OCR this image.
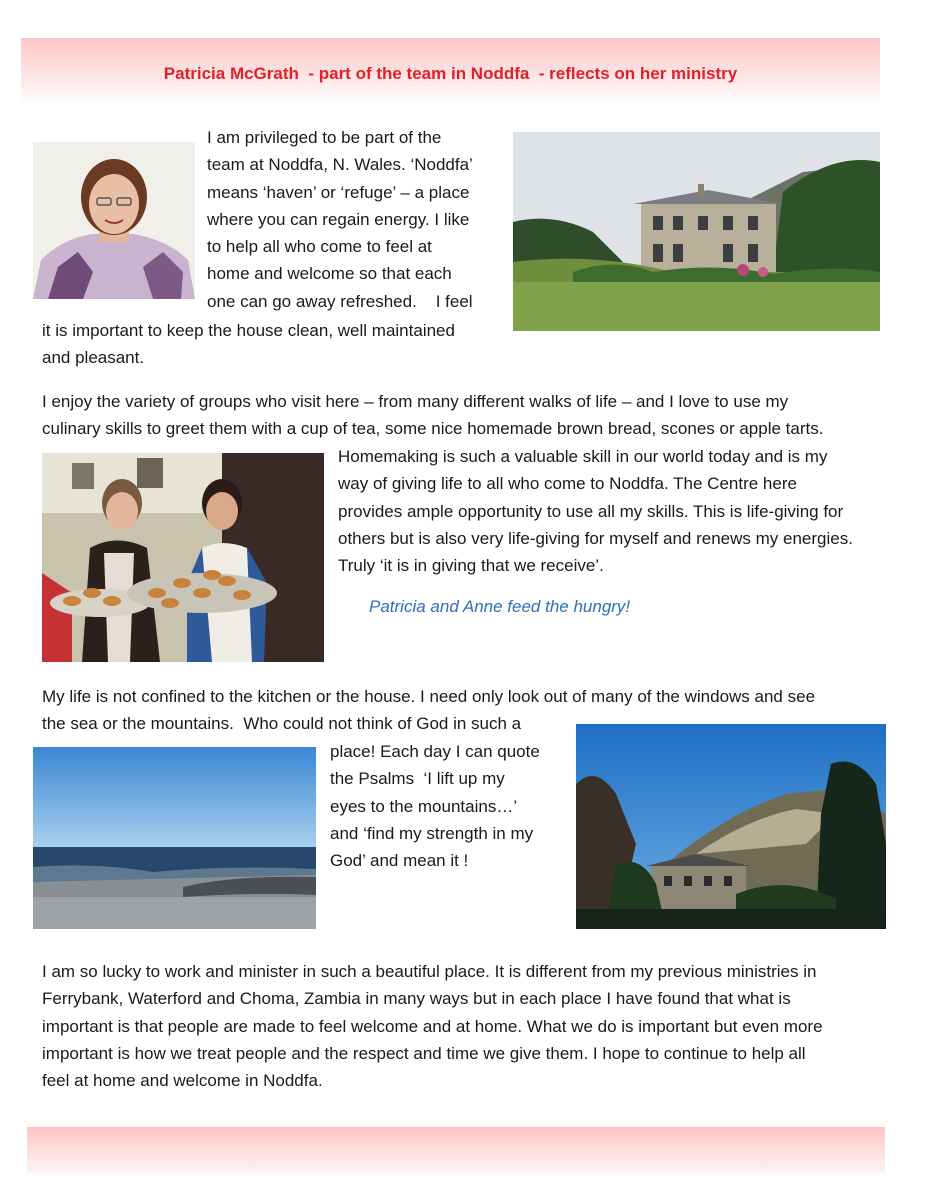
Patricia McGrath  - part of the team in Noddfa  - reflects on her ministry
I am privileged to be part of the
team at Noddfa, N. Wales. ‘Noddfa’
means ‘haven’ or ‘refuge’ – a place
where you can regain energy. I like
to help all who come to feel at
home and welcome so that each
one can go away refreshed.    I feel
it is important to keep the house clean, well maintained
and pleasant.
I enjoy the variety of groups who visit here – from many different walks of life – and I love to use my
culinary skills to greet them with a cup of tea, some nice homemade brown bread, scones or apple tarts.
Homemaking is such a valuable skill in our world today and is my
way of giving life to all who come to Noddfa. The Centre here
provides ample opportunity to use all my skills. This is life-giving for
others but is also very life-giving for myself and renews my energies.
Truly ‘it is in giving that we receive’.
Patricia and Anne feed the hungry!
My life is not confined to the kitchen or the house. I need only look out of many of the windows and see
the sea or the mountains.  Who could not think of God in such a
place! Each day I can quote
the Psalms  ‘I lift up my
eyes to the mountains…’
and ‘find my strength in my
God’ and mean it !
I am so lucky to work and minister in such a beautiful place. It is different from my previous ministries in
Ferrybank, Waterford and Choma, Zambia in many ways but in each place I have found that what is
important is that people are made to feel welcome and at home. What we do is important but even more
important is how we treat people and the respect and time we give them. I hope to continue to help all
feel at home and welcome in Noddfa.
